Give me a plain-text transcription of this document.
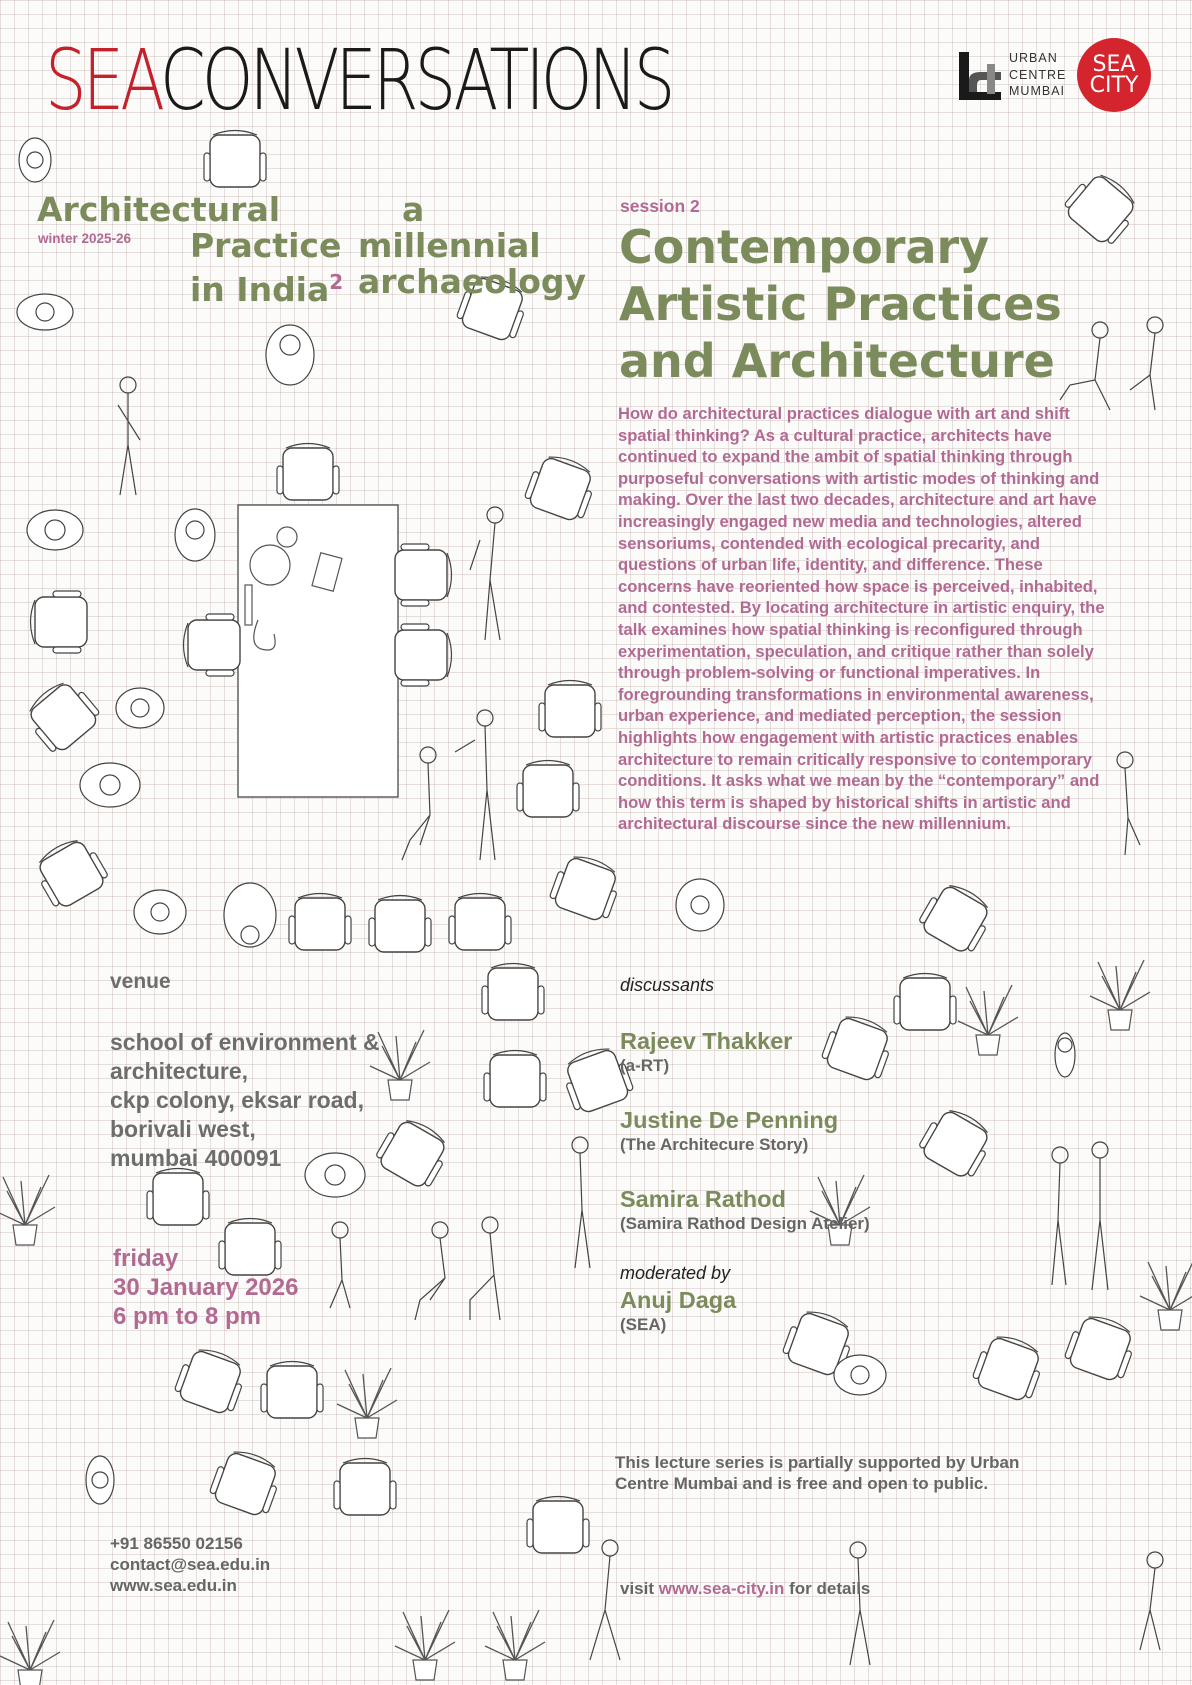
SEACONVERSATIONS	URBAN
CENTRE
MUMBAI
SEA
CITY
Architectural
winter 2025-26 Practice
in India$^2$
a
millennial
archaeology
session 2
Contemporary
Artistic Practices
and Architecture
How do architectural practices dialogue with art and shift spatial thinking? As a cultural practice, architects have continued to expand the ambit of spatial thinking through purposeful conversations with artistic modes of thinking and making. Over the last two decades, architecture and art have increasingly engaged new media and technologies, altered sensoriums, contended with ecological precarity, and questions of urban life, identity, and difference. These concerns have reoriented how space is perceived, inhabited, and contested. By locating architecture in artistic enquiry, the talk examines how spatial thinking is reconfigured through experimentation, speculation, and critique rather than solely through problem-solving or functional imperatives. In foregrounding transformations in environmental awareness, urban experience, and mediated perception, the session highlights how engagement with artistic practices enables architecture to remain critically responsive to contemporary conditions. It asks what we mean by the “contemporary” and how this term is shaped by historical shifts in artistic and architectural discourse since the new millennium.
venue
school of environment &
architecture,
ckp colony, eksar road,
borivali west,
mumbai 400091
friday
30 January 2026
6 pm to 8 pm
discussants
Rajeev Thakker
(a-RT)
Justine De Penning
(The Architecure Story)
Samira Rathod
(Samira Rathod Design Atelier)
moderated by
Anuj Daga
(SEA)
This lecture series is partially supported by Urban Centre Mumbai and is free and open to public.
visit www.sea-city.in for details
+91 86550 02156
contact@sea.edu.in
www.sea.edu.in
